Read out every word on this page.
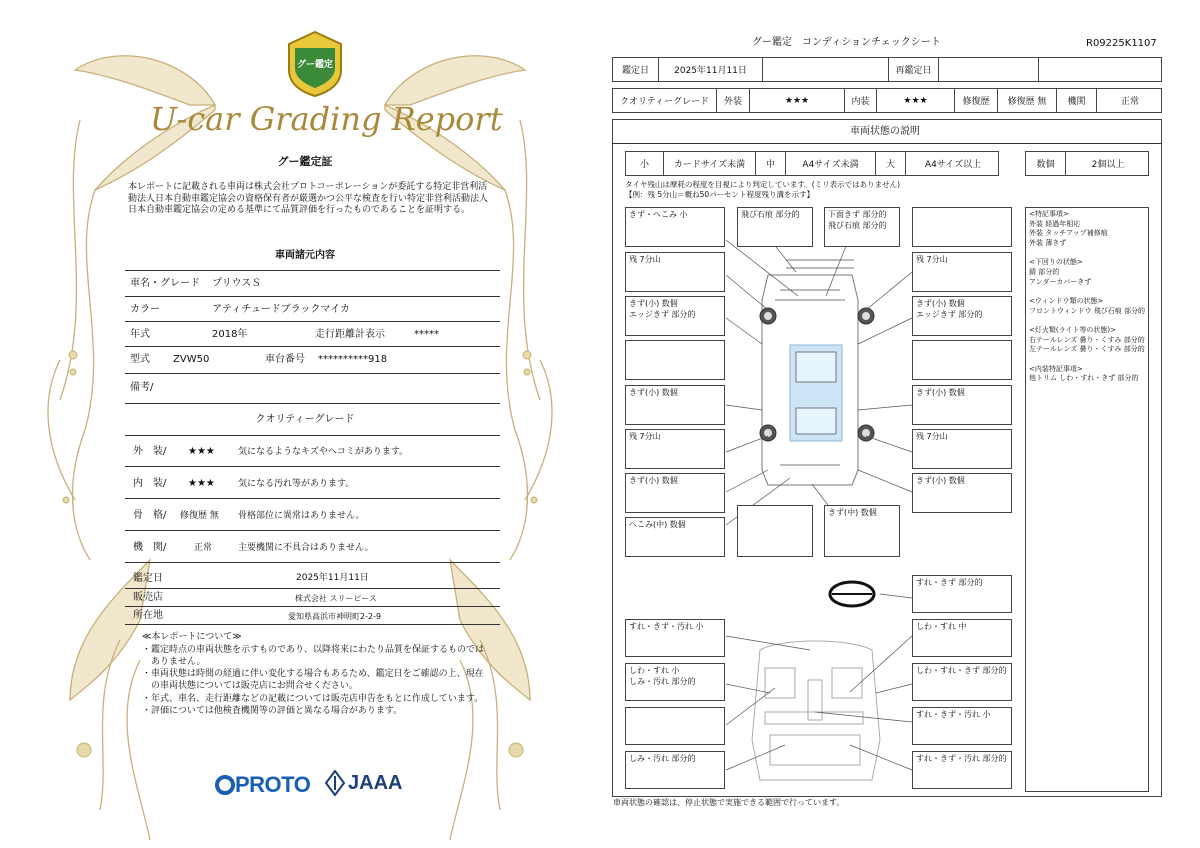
グー鑑定
U-car Grading Report
グー鑑定証
本レポートに記載される車両は株式会社プロトコーポレーションが委託する特定非営利活動法人日本自動車鑑定協会の資格保有者が厳選かつ公平な検査を行い特定非営利活動法人日本自動車鑑定協会の定める基準にて品質評価を行ったものであることを証明する。
車両諸元内容
車名・グレード プリウスＳ
カラー	アティチュードブラックマイカ
年式	2018年	走行距離計表示	*****
型式 ZVW50	車台番号 **********918
備考/
クオリティーグレード
外　装/ ★★★	気になるようなキズやヘコミがあります。
内　装/ ★★★	気になる汚れ等があります。
骨　格/ 修復歴 無 骨格部位に異常はありません。
機　関/	正常	主要機関に不具合はありません。
鑑定日	2025年11月11日
販売店	株式会社 スリーピース
所在地	愛知県高浜市神明町2-2-9
≪本レポートについて≫
・ 鑑定時点の車両状態を示すものであり、以降将来にわたり品質を保証するものではありません。
・ 車両状態は時間の経過に伴い変化する場合もあるため、鑑定日をご確認の上、現在の車両状態については販売店にお問合せください。
・ 年式、車名、走行距離などの記載については販売店申告をもとに作成しています。
・ 評価については他検査機関等の評価と異なる場合があります。
PROTO JAAA
グー鑑定　コンディションチェックシート	R09225K1107
鑑定日	2025年11月11日	再鑑定日
クオリティーグレード	外装	★★★	内装	★★★	修復歴	修復歴 無	機関	正常
車両状態の説明
小	カードサイズ未満	中	A4サイズ未満	大	A4サイズ以上	数個	2個以上
タイヤ残山は摩耗の程度を目視により判定しています。(ミリ表示ではありません)
【例：残 5分山＝概ね50パーセント程度残り溝を示す】
きず・へこみ 小	飛び石痕 部分的	下面きず 部分的
飛び石痕 部分的
残 7分山	残 7分山
きず(小) 数個
エッジきず 部分的
きず(小) 数個
エッジきず 部分的
きず(小) 数個	きず(小) 数個
残 7分山	残 7分山
きず(小) 数個	きず(小) 数個
へこみ(中) 数個
きず(中) 数個
<特記事項>
外装 経過年相応
外装 タッチアップ補修痕
外装 薄きず

<下回りの状態>
錆 部分的
アンダーカバーきず

<ウィンドウ類の状態>
フロントウィンドウ 飛び石痕 部分的

<灯火類(ライト等の状態)>
右テールレンズ 曇り・くすみ 部分的
左テールレンズ 曇り・くすみ 部分的

<内装特記事項>
他トリム しわ・すれ・きず 部分的
すれ・きず 部分的
すれ・きず・汚れ 小	しわ・すれ 中
しわ・すれ 小
しみ・汚れ 部分的
しわ・すれ・きず 部分的
すれ・きず・汚れ 小
しみ・汚れ 部分的	すれ・きず・汚れ 部分的
車両状態の確認は、停止状態で実施できる範囲で行っています。
